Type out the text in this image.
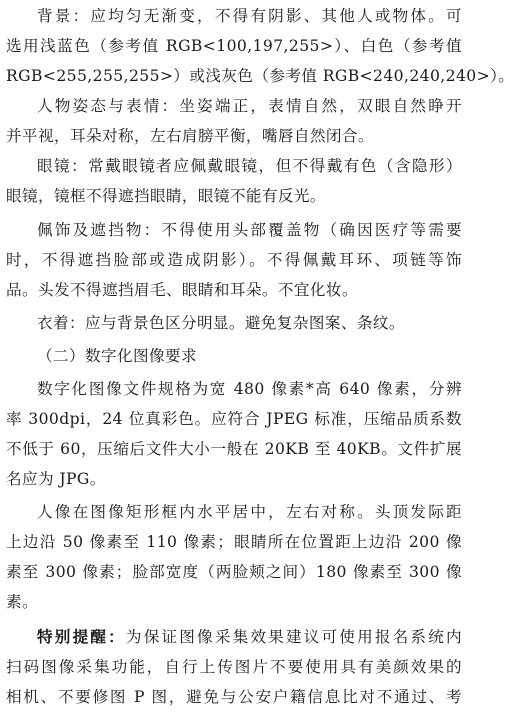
背景：应均匀无渐变，不得有阴影、其他人或物体。可
选用浅蓝色（参考值 RGB<100,197,255>）、白色（参考值
RGB<255,255,255>）或浅灰色（参考值 RGB<240,240,240>）。
人物姿态与表情：坐姿端正，表情自然，双眼自然睁开
并平视，耳朵对称，左右肩膀平衡，嘴唇自然闭合。
眼镜：常戴眼镜者应佩戴眼镜，但不得戴有色（含隐形）
眼镜，镜框不得遮挡眼睛，眼镜不能有反光。
佩饰及遮挡物：不得使用头部覆盖物（确因医疗等需要
时，不得遮挡脸部或造成阴影）。不得佩戴耳环、项链等饰
品。头发不得遮挡眉毛、眼睛和耳朵。不宜化妆。
衣着：应与背景色区分明显。避免复杂图案、条纹。
（二）数字化图像要求
数字化图像文件规格为宽 480 像素*高 640 像素，分辨
率 300dpi，24 位真彩色。应符合 JPEG 标准，压缩品质系数
不低于 60，压缩后文件大小一般在 20KB 至 40KB。文件扩展
名应为 JPG。
人像在图像矩形框内水平居中，左右对称。头顶发际距
上边沿 50 像素至 110 像素；眼睛所在位置距上边沿 200 像
素至 300 像素；脸部宽度（两脸颊之间）180 像素至 300 像
素。
特别提醒：为保证图像采集效果建议可使用报名系统内
扫码图像采集功能，自行上传图片不要使用具有美颜效果的
相机、不要修图 P 图，避免与公安户籍信息比对不通过、考
